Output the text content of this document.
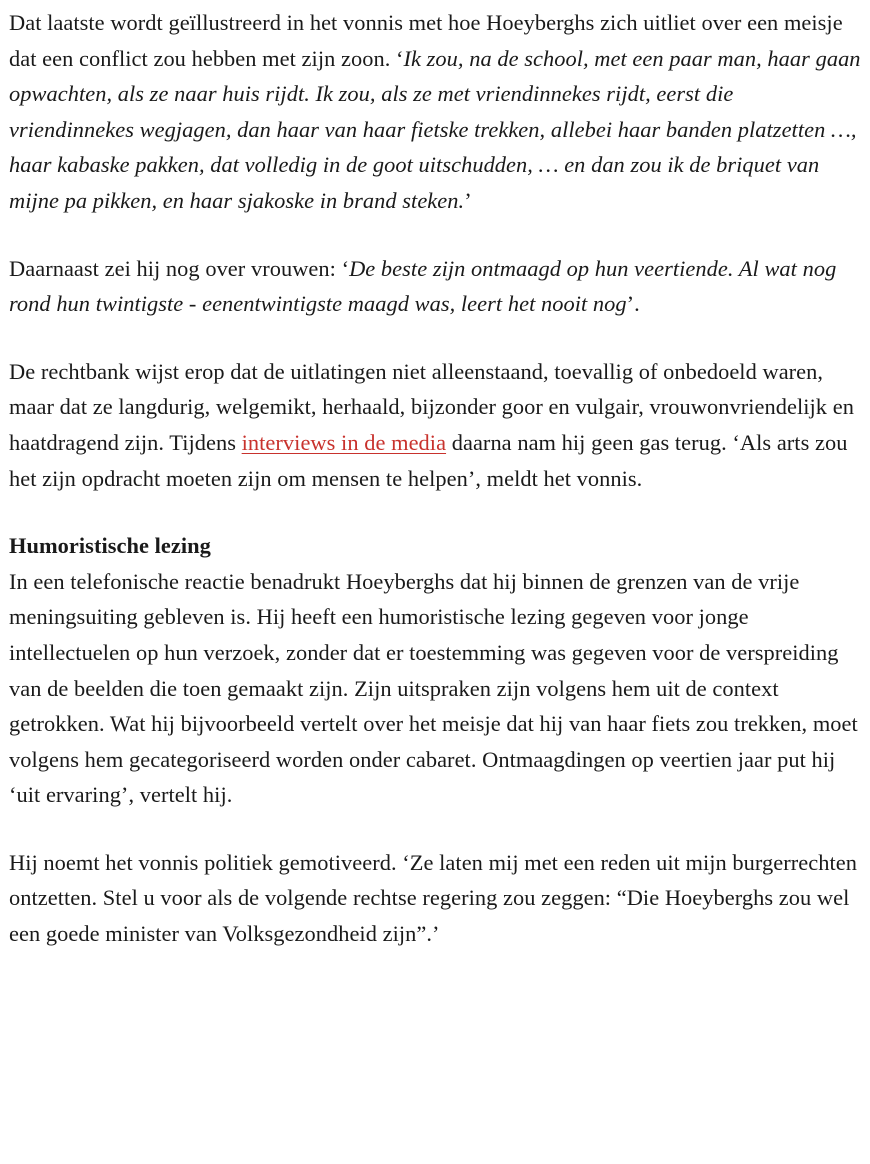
Dat laatste wordt geïllustreerd in het vonnis met hoe Hoeyberghs zich uitliet over een meisje dat een conflict zou hebben met zijn zoon. ‘Ik zou, na de school, met een paar man, haar gaan opwachten, als ze naar huis rijdt. Ik zou, als ze met vriendinnekes rijdt, eerst die vriendinnekes wegjagen, dan haar van haar fietske trekken, allebei haar banden platzetten …, haar kabaske pakken, dat volledig in de goot uitschudden, … en dan zou ik de briquet van mijne pa pikken, en haar sjakoske in brand steken.’

Daarnaast zei hij nog over vrouwen: ‘De beste zijn ontmaagd op hun veertiende. Al wat nog rond hun twintigste - eenentwintigste maagd was, leert het nooit nog’.

De rechtbank wijst erop dat de uitlatingen niet alleenstaand, toevallig of onbedoeld waren, maar dat ze langdurig, welgemikt, herhaald, bijzonder goor en vulgair, vrouwonvriendelijk en haatdragend zijn. Tijdens interviews in de media daarna nam hij geen gas terug. ‘Als arts zou het zijn opdracht moeten zijn om mensen te helpen’, meldt het vonnis.

Humoristische lezing

In een telefonische reactie benadrukt Hoeyberghs dat hij binnen de grenzen van de vrije meningsuiting gebleven is. Hij heeft een humoristische lezing gegeven voor jonge intellectuelen op hun verzoek, zonder dat er toestemming was gegeven voor de verspreiding van de beelden die toen gemaakt zijn. Zijn uitspraken zijn volgens hem uit de context getrokken. Wat hij bijvoorbeeld vertelt over het meisje dat hij van haar fiets zou trekken, moet volgens hem gecategoriseerd worden onder cabaret. Ontmaagdingen op veertien jaar put hij ‘uit ervaring’, vertelt hij.

Hij noemt het vonnis politiek gemotiveerd. ‘Ze laten mij met een reden uit mijn burgerrechten ontzetten. Stel u voor als de volgende rechtse regering zou zeggen: “Die Hoeyberghs zou wel een goede minister van Volksgezondheid zijn”.’
